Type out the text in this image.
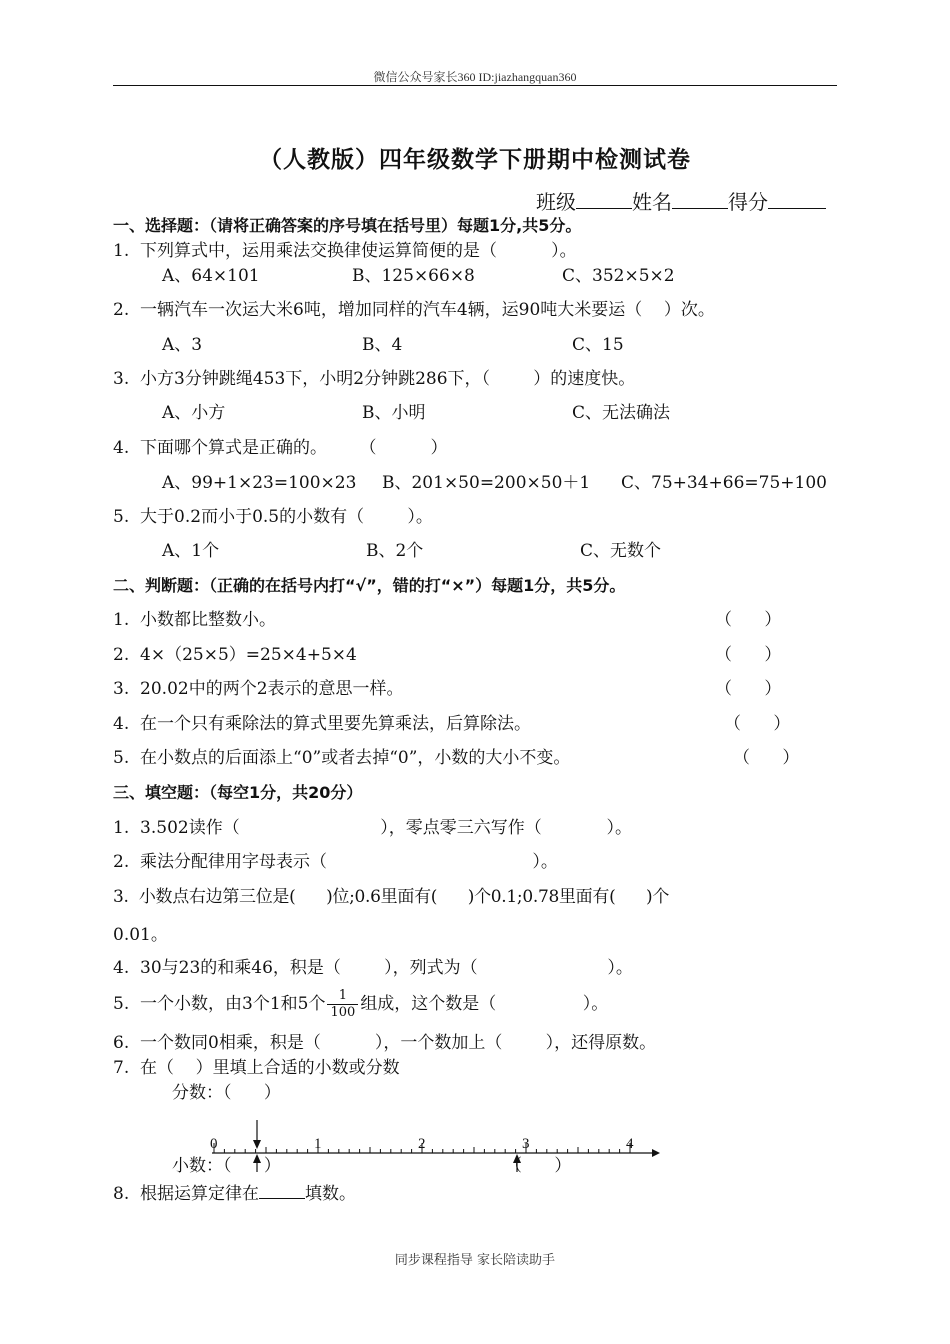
微信公众号家长360 ID:jiazhangquan360
（人教版）四年级数学下册期中检测试卷
班级	姓名	得分
一、选择题：（请将正确答案的序号填在括号里）每题1分,共5分。
1.  下列算式中，运用乘法交换律使运算简便的是（          ）。
A、64×101	B、125×66×8	C、352×5×2
2.  一辆汽车一次运大米6吨，增加同样的汽车4辆，运90吨大米要运（    ）次。
A、3	B、4	C、15
3.  小方3分钟跳绳453下，小明2分钟跳286下，（        ）的速度快。
A、小方	B、小明	C、无法确法
4.  下面哪个算式是正确的。      （          ）
A、99+1×23=100×23 B、201×50=200×50＋1 C、75+34+66=75+100
5.  大于0.2而小于0.5的小数有（        ）。
A、1个	B、2个	C、无数个
二、判断题：（正确的在括号内打“√”，错的打“×”）每题1分，共5分。
1.  小数都比整数小。	（      ）
2.  4×（25×5）=25×4+5×4	（      ）
3.  20.02中的两个2表示的意思一样。	（      ）
4.  在一个只有乘除法的算式里要先算乘法，后算除法。	（      ）
5.  在小数点的后面添上“0”或者去掉“0”，小数的大小不变。	（      ）
三、填空题：（每空1分，共20分）
1.  3.502读作（                          ），零点零三六写作（            ）。
2.  乘法分配律用字母表示（                                      ）。
3.  小数点右边第三位是(      )位;0.6里面有(      )个0.1;0.78里面有(      )个
0.01。
4.  30与23的和乘46，积是（        ），列式为（                        ）。
5.  一个小数，由3个1和5个 $\frac{1}{100}$ 组成，这个数是（                ）。
6.  一个数同0相乘，积是（          ），一个数加上（        ），还得原数。
7.  在（    ）里填上合适的小数或分数
分数：（      ）
0	1	2	3	4
小数：（      ）	（      ）
8.  根据运算定律在	填数。
同步课程指导 家长陪读助手
